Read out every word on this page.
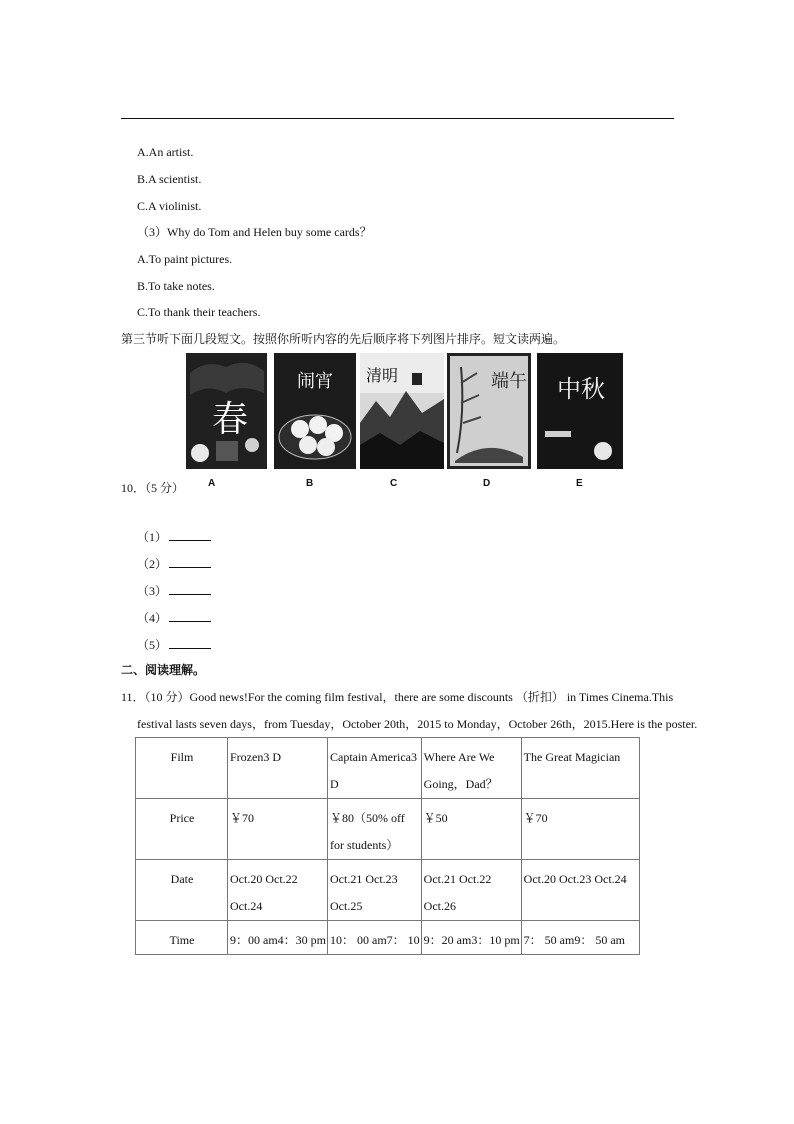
A.An artist.
B.A scientist.
C.A violinist.
（3）Why do Tom and Helen buy some cards？
A.To paint pictures.
B.To take notes.
C.To thank their teachers.
第三节听下面几段短文。按照你所听内容的先后顺序将下列图片排序。短文读两遍。
春
闹宵 清明	端午 中秋
10．（5 分） A	B	C	D	E
（1）
（2）
（3）
（4）
（5）
二、阅读理解。
11．（10 分）Good news!For the coming film festival，there are some discounts （折扣） in Times Cinema.This
festival lasts seven days，from Tuesday，October 20th，2015 to Monday，October 26th，2015.Here is the poster.
Film	Frozen3 D	Captain America3 D	Where Are We Going，Dad？	The Great Magician
Price	￥70	￥80（50% off for students）	￥50	￥70
Date	Oct.20 Oct.22 Oct.24	Oct.21 Oct.23 Oct.25	Oct.21 Oct.22 Oct.26	Oct.20 Oct.23 Oct.24
Time	9：00 am4：30 pm	10： 00 am7： 10	9：20 am3：10 pm	7： 50 am9： 50 am
